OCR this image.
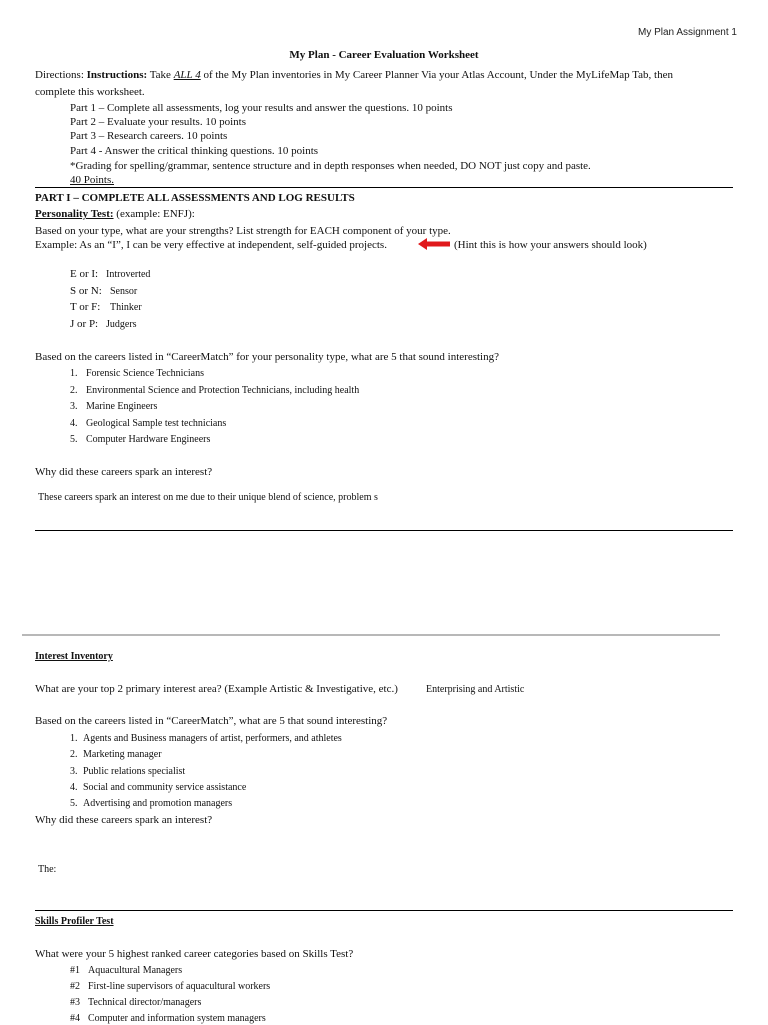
My Plan Assignment 1
My Plan - Career Evaluation Worksheet
Directions: Instructions: Take ALL 4 of the My Plan inventories in My Career Planner Via your Atlas Account, Under the MyLifeMap Tab, then
complete this worksheet.
Part 1 – Complete all assessments, log your results and answer the questions. 10 points
Part 2 – Evaluate your results. 10 points
Part 3 – Research careers. 10 points
Part 4 - Answer the critical thinking questions. 10 points
*Grading for spelling/grammar, sentence structure and in depth responses when needed, DO NOT just copy and paste.
40 Points.
PART I – COMPLETE ALL ASSESSMENTS AND LOG RESULTS
Personality Test: (example: ENFJ):
Based on your type, what are your strengths? List strength for EACH component of your type.
Example: As an “I”, I can be very effective at independent, self-guided projects.	(Hint this is how your answers should look)
E or I: Introverted
S or N: Sensor
T or F: Thinker
J or P: Judgers
Based on the careers listed in “CareerMatch” for your personality type, what are 5 that sound interesting?
1. Forensic Science Technicians
2. Environmental Science and Protection Technicians, including health
3. Marine Engineers
4. Geological Sample test technicians
5. Computer Hardware Engineers
Why did these careers spark an interest?
These careers spark an interest on me due to their unique blend of science, problem s
Interest Inventory
What are your top 2 primary interest area? (Example Artistic & Investigative, etc.)	Enterprising and Artistic
Based on the careers listed in “CareerMatch”, what are 5 that sound interesting?
1. Agents and Business managers of artist, performers, and athletes
2. Marketing manager
3. Public relations specialist
4. Social and community service assistance
5. Advertising and promotion managers
Why did these careers spark an interest?
The:
Skills Profiler Test
What were your 5 highest ranked career categories based on Skills Test?
#1 Aquacultural Managers
#2 First-line supervisors of aquacultural workers
#3 Technical director/managers
#4 Computer and information system managers
